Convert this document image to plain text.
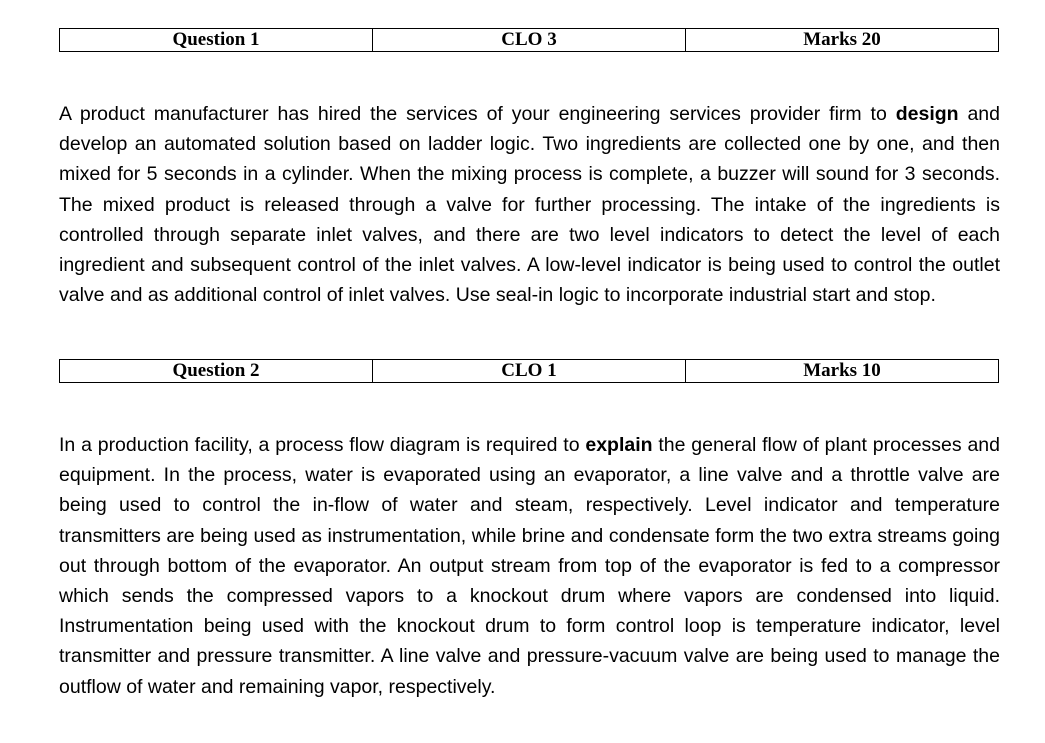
Question 1	CLO 3	Marks 20

A product manufacturer has hired the services of your engineering services provider firm to design and develop an automated solution based on ladder logic. Two ingredients are collected one by one, and then mixed for 5 seconds in a cylinder. When the mixing process is complete, a buzzer will sound for 3 seconds. The mixed product is released through a valve for further processing. The intake of the ingredients is controlled through separate inlet valves, and there are two level indicators to detect the level of each ingredient and subsequent control of the inlet valves. A low-level indicator is being used to control the outlet valve and as additional control of inlet valves. Use seal-in logic to incorporate industrial start and stop.

Question 2	CLO 1	Marks 10

In a production facility, a process flow diagram is required to explain the general flow of plant processes and equipment. In the process, water is evaporated using an evaporator, a line valve and a throttle valve are being used to control the in-flow of water and steam, respectively. Level indicator and temperature transmitters are being used as instrumentation, while brine and condensate form the two extra streams going out through bottom of the evaporator. An output stream from top of the evaporator is fed to a compressor which sends the compressed vapors to a knockout drum where vapors are condensed into liquid. Instrumentation being used with the knockout drum to form control loop is temperature indicator, level transmitter and pressure transmitter. A line valve and pressure-vacuum valve are being used to manage the outflow of water and remaining vapor, respectively.
